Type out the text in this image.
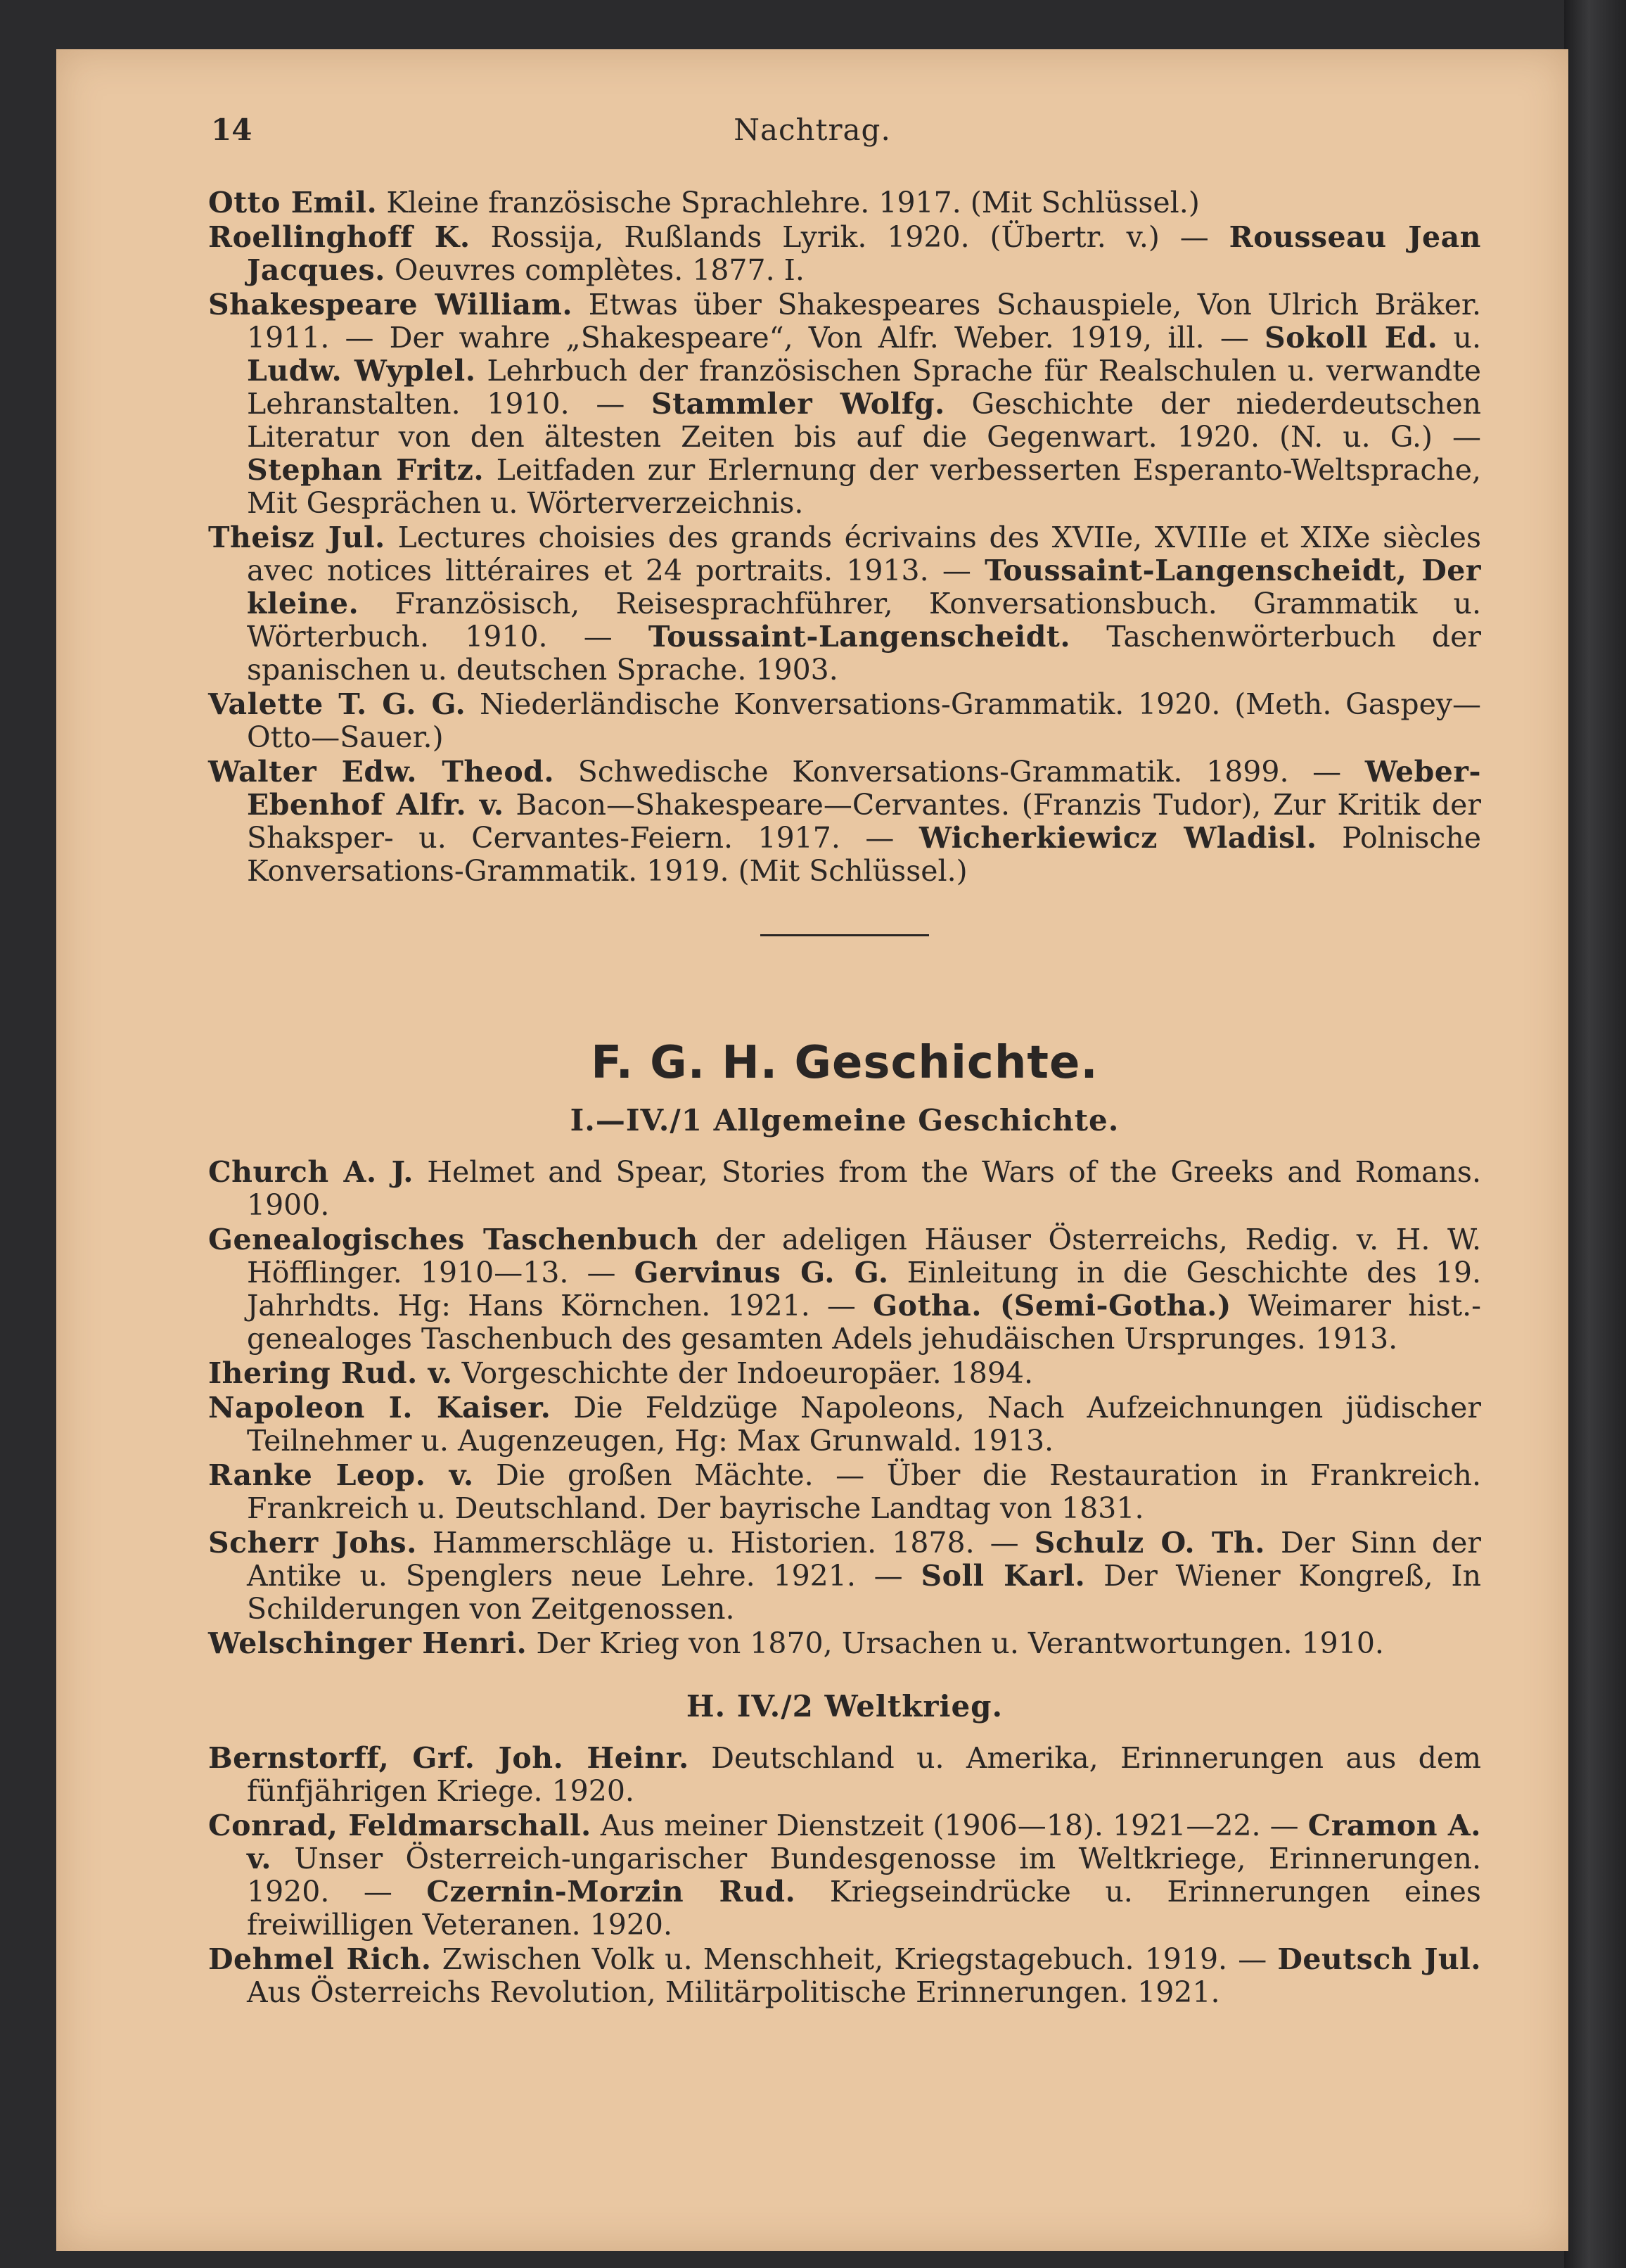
14	Nachtrag.

Otto Emil. Kleine französische Sprachlehre. 1917. (Mit Schlüssel.)

Roellinghoff K. Rossija, Rußlands Lyrik. 1920. (Übertr. v.) — Rousseau Jean Jacques. Oeuvres complètes. 1877. I.

Shakespeare William. Etwas über Shakespeares Schauspiele, Von Ulrich Bräker. 1911. — Der wahre „Shakespeare“, Von Alfr. Weber. 1919, ill. — Sokoll Ed. u. Ludw. Wyplel. Lehrbuch der französischen Sprache für Realschulen u. verwandte Lehranstalten. 1910. — Stammler Wolfg. Geschichte der niederdeutschen Literatur von den ältesten Zeiten bis auf die Gegenwart. 1920. (N. u. G.) — Stephan Fritz. Leitfaden zur Erlernung der verbesserten Esperanto-Weltsprache, Mit Gesprächen u. Wörterverzeichnis.

Theisz Jul. Lectures choisies des grands écrivains des XVIIe, XVIIIe et XIXe siècles avec notices littéraires et 24 portraits. 1913. — Toussaint-Langenscheidt, Der kleine. Französisch, Reisesprachführer, Konversationsbuch. Grammatik u. Wörterbuch. 1910. — Toussaint-Langenscheidt. Taschenwörterbuch der spanischen u. deutschen Sprache. 1903.

Valette T. G. G. Niederländische Konversations-Grammatik. 1920. (Meth. Gaspey—Otto—Sauer.)

Walter Edw. Theod. Schwedische Konversations-Grammatik. 1899. — Weber-Ebenhof Alfr. v. Bacon—Shakespeare—Cervantes. (Franzis Tudor), Zur Kritik der Shaksper- u. Cervantes-Feiern. 1917. — Wicherkiewicz Wladisl. Polnische Konversations-Grammatik. 1919. (Mit Schlüssel.)

F. G. H. Geschichte.
I.—IV./1 Allgemeine Geschichte.

Church A. J. Helmet and Spear, Stories from the Wars of the Greeks and Romans. 1900.

Genealogisches Taschenbuch der adeligen Häuser Österreichs, Redig. v. H. W. Höfflinger. 1910—13. — Gervinus G. G. Einleitung in die Geschichte des 19. Jahrhdts. Hg: Hans Körnchen. 1921. — Gotha. (Semi-Gotha.) Weimarer hist.-genealoges Taschenbuch des gesamten Adels jehudäischen Ursprunges. 1913.

Ihering Rud. v. Vorgeschichte der Indoeuropäer. 1894.

Napoleon I. Kaiser. Die Feldzüge Napoleons, Nach Aufzeichnungen jüdischer Teilnehmer u. Augenzeugen, Hg: Max Grunwald. 1913.

Ranke Leop. v. Die großen Mächte. — Über die Restauration in Frankreich. Frankreich u. Deutschland. Der bayrische Landtag von 1831.

Scherr Johs. Hammerschläge u. Historien. 1878. — Schulz O. Th. Der Sinn der Antike u. Spenglers neue Lehre. 1921. — Soll Karl. Der Wiener Kongreß, In Schilderungen von Zeitgenossen.

Welschinger Henri. Der Krieg von 1870, Ursachen u. Verantwortungen. 1910.

H. IV./2 Weltkrieg.

Bernstorff, Grf. Joh. Heinr. Deutschland u. Amerika, Erinnerungen aus dem fünfjährigen Kriege. 1920.

Conrad, Feldmarschall. Aus meiner Dienstzeit (1906—18). 1921—22. — Cramon A. v. Unser Österreich-ungarischer Bundesgenosse im Weltkriege, Erinnerungen. 1920. — Czernin-Morzin Rud. Kriegseindrücke u. Erinnerungen eines freiwilligen Veteranen. 1920.

Dehmel Rich. Zwischen Volk u. Menschheit, Kriegstagebuch. 1919. — Deutsch Jul. Aus Österreichs Revolution, Militärpolitische Erinnerungen. 1921.
